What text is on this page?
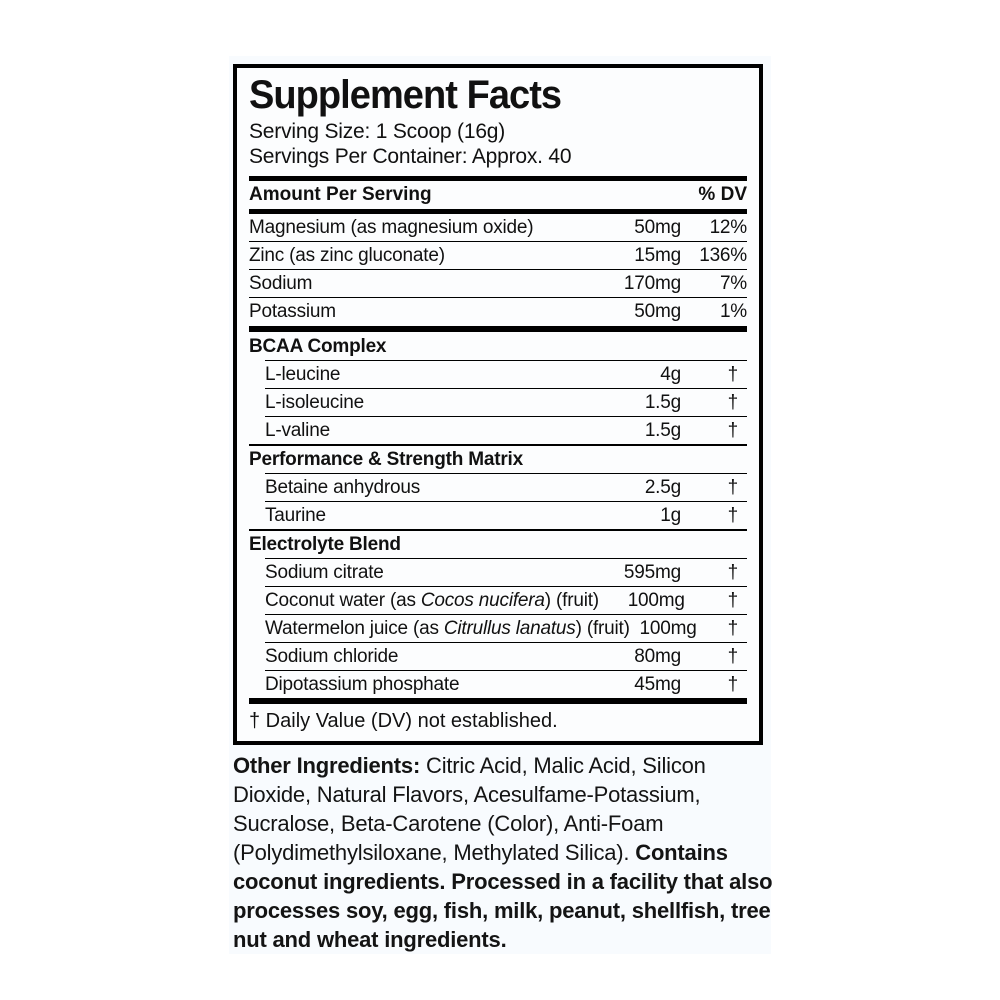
Supplement Facts
Serving Size: 1 Scoop (16g)
Servings Per Container: Approx. 40
Amount Per Serving	% DV
Magnesium (as magnesium oxide)	50mg	12%
Zinc (as zinc gluconate)	15mg 136%
Sodium	170mg	7%
Potassium	50mg	1%
BCAA Complex
L-leucine	4g	†
L-isoleucine	1.5g	†
L-valine	1.5g	†
Performance & Strength Matrix
Betaine anhydrous	2.5g	†
Taurine	1g	†
Electrolyte Blend
Sodium citrate	595mg	†
Coconut water (as Cocos nucifera) (fruit)	100mg	†
Watermelon juice (as Citrullus lanatus) (fruit) 100mg	†
Sodium chloride	80mg	†
Dipotassium phosphate	45mg	†
† Daily Value (DV) not established.
Other Ingredients: Citric Acid, Malic Acid, Silicon Dioxide, Natural Flavors, Acesulfame-Potassium, Sucralose, Beta-Carotene (Color), Anti-Foam (Polydimethylsiloxane, Methylated Silica). Contains coconut ingredients. Processed in a facility that also processes soy, egg, fish, milk, peanut, shellfish, tree nut and wheat ingredients.
